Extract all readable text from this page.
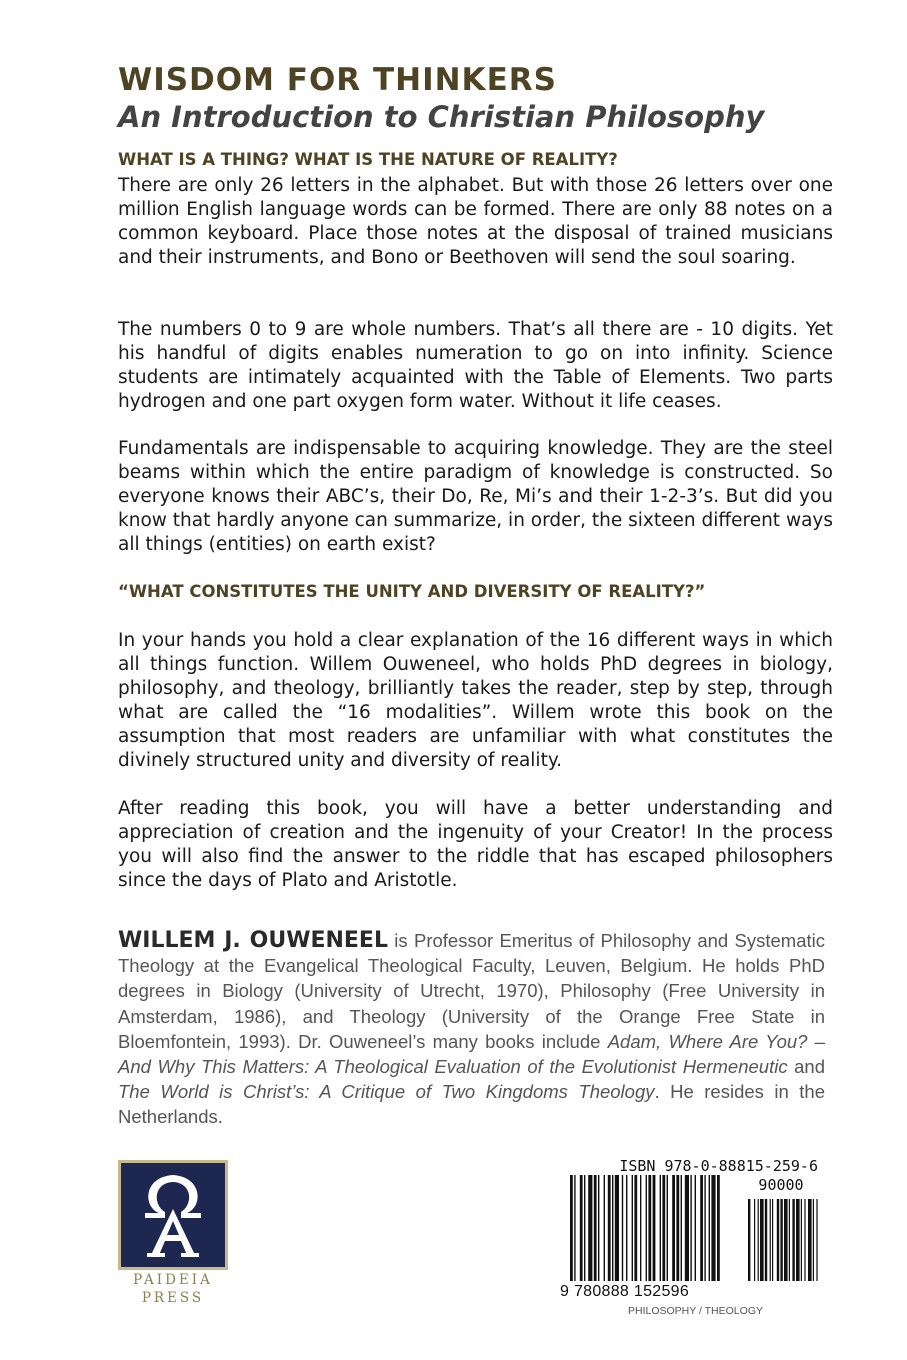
WISDOM FOR THINKERS
An Introduction to Christian Philosophy
WHAT IS A THING? WHAT IS THE NATURE OF REALITY?

There are only 26 letters in the alphabet. But with those 26 letters over one million English language words can be formed. There are only 88 notes on a common keyboard. Place those notes at the disposal of trained musicians and their instruments, and Bono or Beethoven will send the soul soaring.

The numbers 0 to 9 are whole numbers. That’s all there are - 10 digits. Yet his handful of digits enables numeration to go on into infinity. Science students are intimately acquainted with the Table of Elements. Two parts hydrogen and one part oxygen form water. Without it life ceases.

Fundamentals are indispensable to acquiring knowledge. They are the steel beams within which the entire paradigm of knowledge is constructed. So everyone knows their ABC’s, their Do, Re, Mi’s and their 1-2-3’s. But did you know that hardly anyone can summarize, in order, the sixteen different ways all things (entities) on earth exist?

“WHAT CONSTITUTES THE UNITY AND DIVERSITY OF REALITY?”

In your hands you hold a clear explanation of the 16 different ways in which all things function. Willem Ouweneel, who holds PhD degrees in biology, philosophy, and theology, brilliantly takes the reader, step by step, through what are called the “16 modalities”. Willem wrote this book on the assumption that most readers are unfamiliar with what constitutes the divinely structured unity and diversity of reality.

After reading this book, you will have a better understanding and appreciation of creation and the ingenuity of your Creator! In the process you will also find the answer to the riddle that has escaped philosophers since the days of Plato and Aristotle.

WILLEM J. OUWENEEL is Professor Emeritus of Philosophy and Systematic Theology at the Evangelical Theological Faculty, Leuven, Belgium. He holds PhD degrees in Biology (University of Utrecht, 1970), Philosophy (Free University in Amsterdam, 1986), and Theology (University of the Orange Free State in Bloemfontein, 1993). Dr. Ouweneel’s many books include Adam, Where Are You? – And Why This Matters: A Theological Evaluation of the Evolutionist Hermeneutic and The World is Christ’s: A Critique of Two Kingdoms Theology. He resides in the Netherlands.

PAIDEIA

PRESS

ISBN 978-0-88815-259-6

90000

9 780888 152596

PHILOSOPHY / THEOLOGY
